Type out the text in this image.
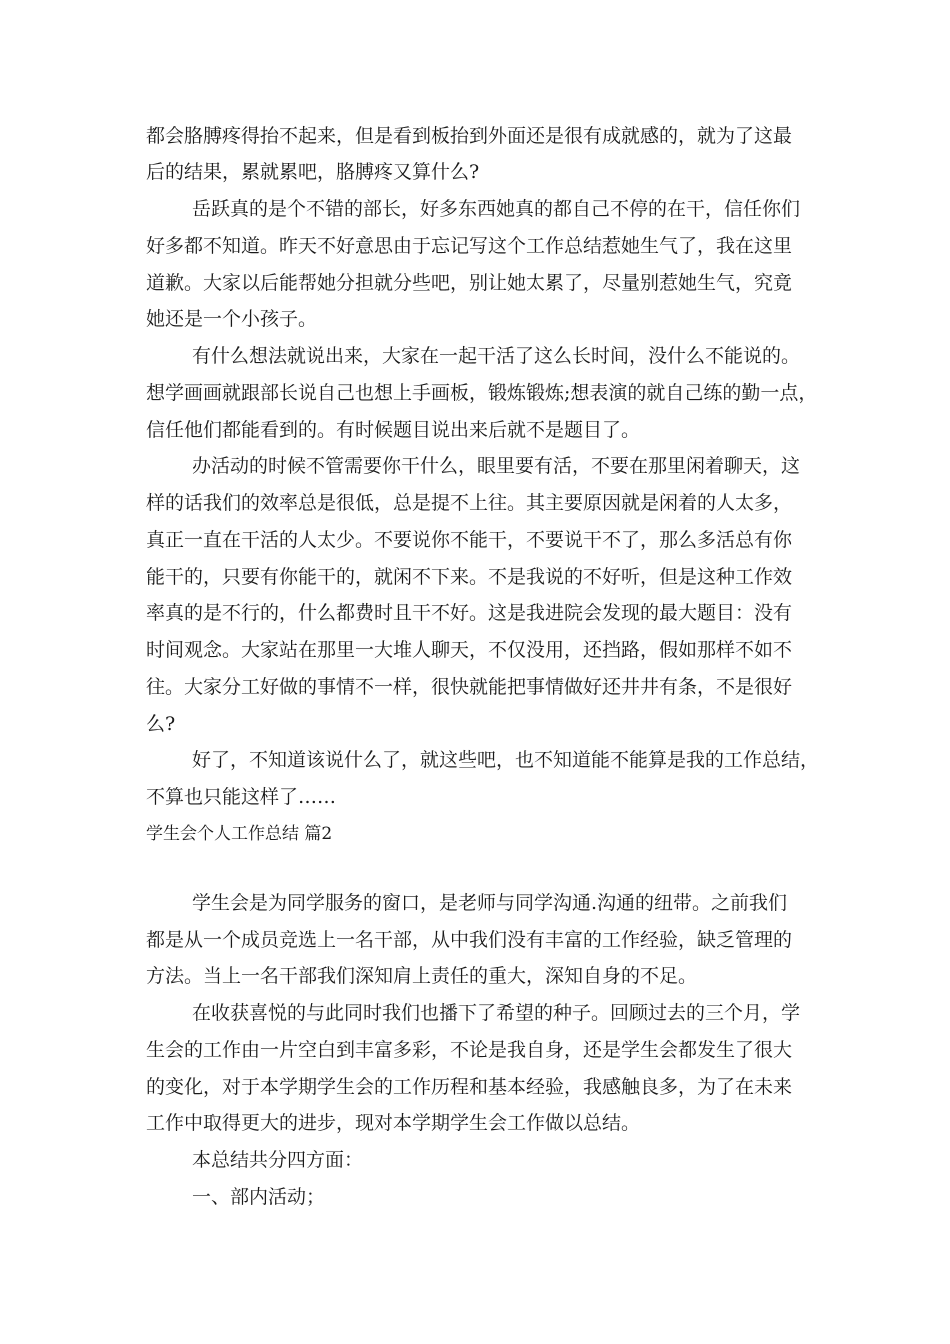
都会胳膊疼得抬不起来，但是看到板抬到外面还是很有成就感的，就为了这最

后的结果，累就累吧，胳膊疼又算什么?

岳跃真的是个不错的部长，好多东西她真的都自己不停的在干，信任你们

好多都不知道。昨天不好意思由于忘记写这个工作总结惹她生气了，我在这里

道歉。大家以后能帮她分担就分些吧，别让她太累了，尽量别惹她生气，究竟

她还是一个小孩子。

有什么想法就说出来，大家在一起干活了这么长时间，没什么不能说的。

想学画画就跟部长说自己也想上手画板，锻炼锻炼;想表演的就自己练的勤一点，

信任他们都能看到的。有时候题目说出来后就不是题目了。

办活动的时候不管需要你干什么，眼里要有活，不要在那里闲着聊天，这

样的话我们的效率总是很低，总是提不上往。其主要原因就是闲着的人太多，

真正一直在干活的人太少。不要说你不能干，不要说干不了，那么多活总有你

能干的，只要有你能干的，就闲不下来。不是我说的不好听，但是这种工作效

率真的是不行的，什么都费时且干不好。这是我进院会发现的最大题目：没有

时间观念。大家站在那里一大堆人聊天，不仅没用，还挡路，假如那样不如不

往。大家分工好做的事情不一样，很快就能把事情做好还井井有条，不是很好

么?

好了，不知道该说什么了，就这些吧，也不知道能不能算是我的工作总结，

不算也只能这样了……

学生会个人工作总结 篇2

学生会是为同学服务的窗口，是老师与同学沟通.沟通的纽带。之前我们

都是从一个成员竞选上一名干部，从中我们没有丰富的工作经验，缺乏管理的

方法。当上一名干部我们深知肩上责任的重大，深知自身的不足。

在收获喜悦的与此同时我们也播下了希望的种子。回顾过去的三个月，学

生会的工作由一片空白到丰富多彩，不论是我自身，还是学生会都发生了很大

的变化，对于本学期学生会的工作历程和基本经验，我感触良多，为了在未来

工作中取得更大的进步，现对本学期学生会工作做以总结。

本总结共分四方面：

一、部内活动；
